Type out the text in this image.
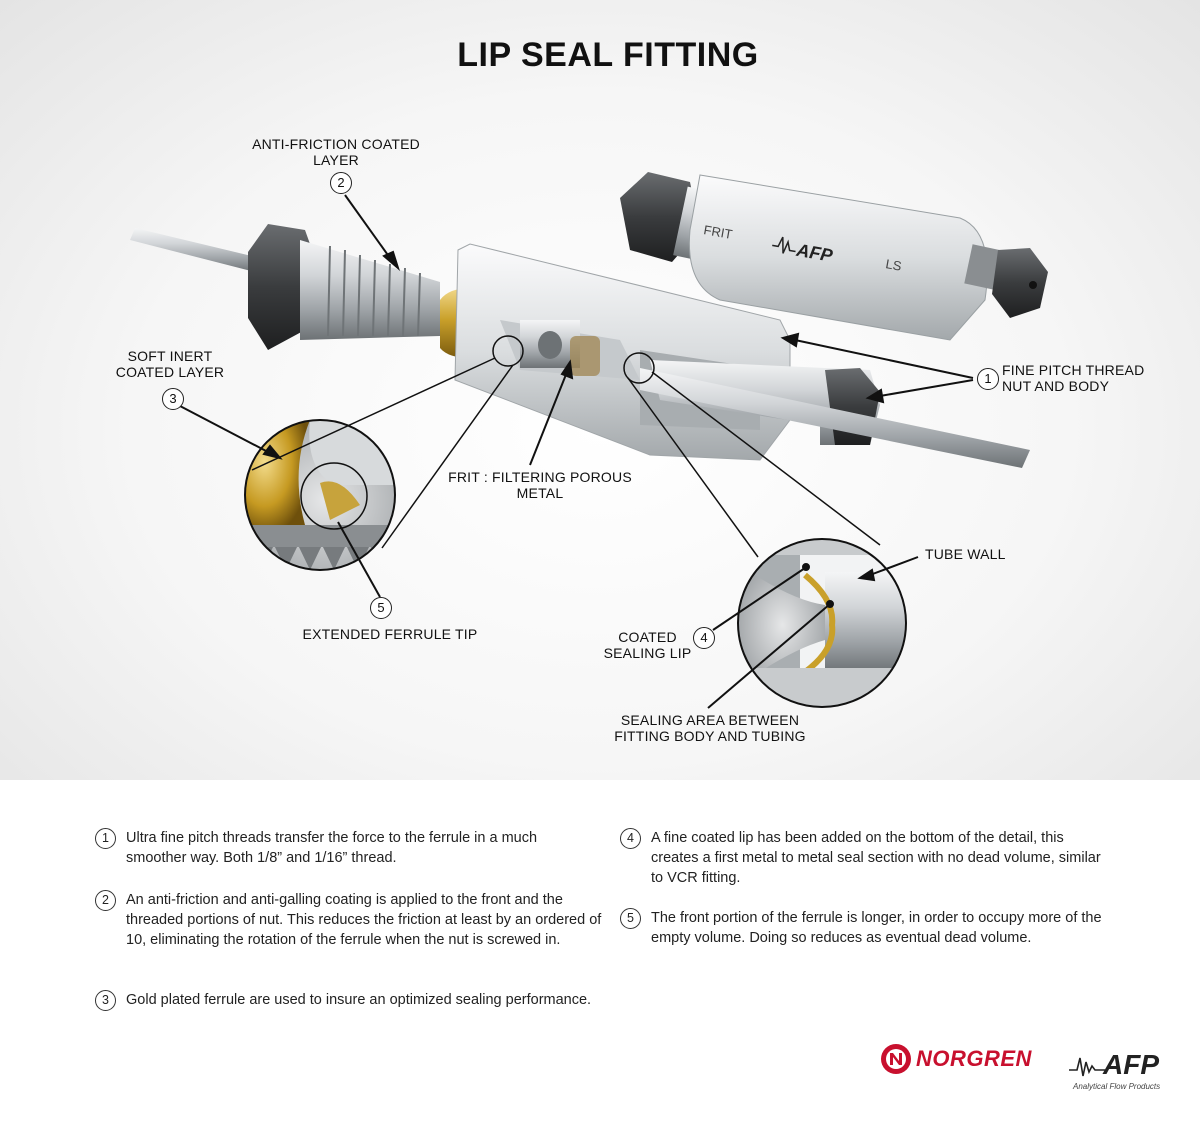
LIP SEAL FITTING
FRIT
LS
AFP
ANTI-FRICTION COATED LAYER
2
SOFT INERT COATED LAYER
3
FRIT : FILTERING POROUS METAL
1
FINE PITCH THREAD NUT AND BODY
5
EXTENDED FERRULE TIP
TUBE WALL
COATED SEALING LIP
4
SEALING AREA BETWEEN FITTING BODY AND TUBING
1	Ultra fine pitch threads transfer the force to the ferrule in a much smoother way. Both 1/8” and 1/16” thread.
2	An anti-friction and anti-galling coating is applied to the front and the threaded portions of nut. This reduces the friction at least by an ordered of 10, eliminating the rotation of the ferrule when the nut is screwed in.
3	Gold plated ferrule are used to insure an optimized sealing performance.
4	A fine coated lip has been added on the bottom of the detail, this creates a first metal to metal seal section with no dead volume, similar to VCR fitting.
5	The front portion of the ferrule is longer, in order to occupy more of the empty volume. Doing so reduces as eventual dead volume.
NORGREN	AFP
Analytical Flow Products
